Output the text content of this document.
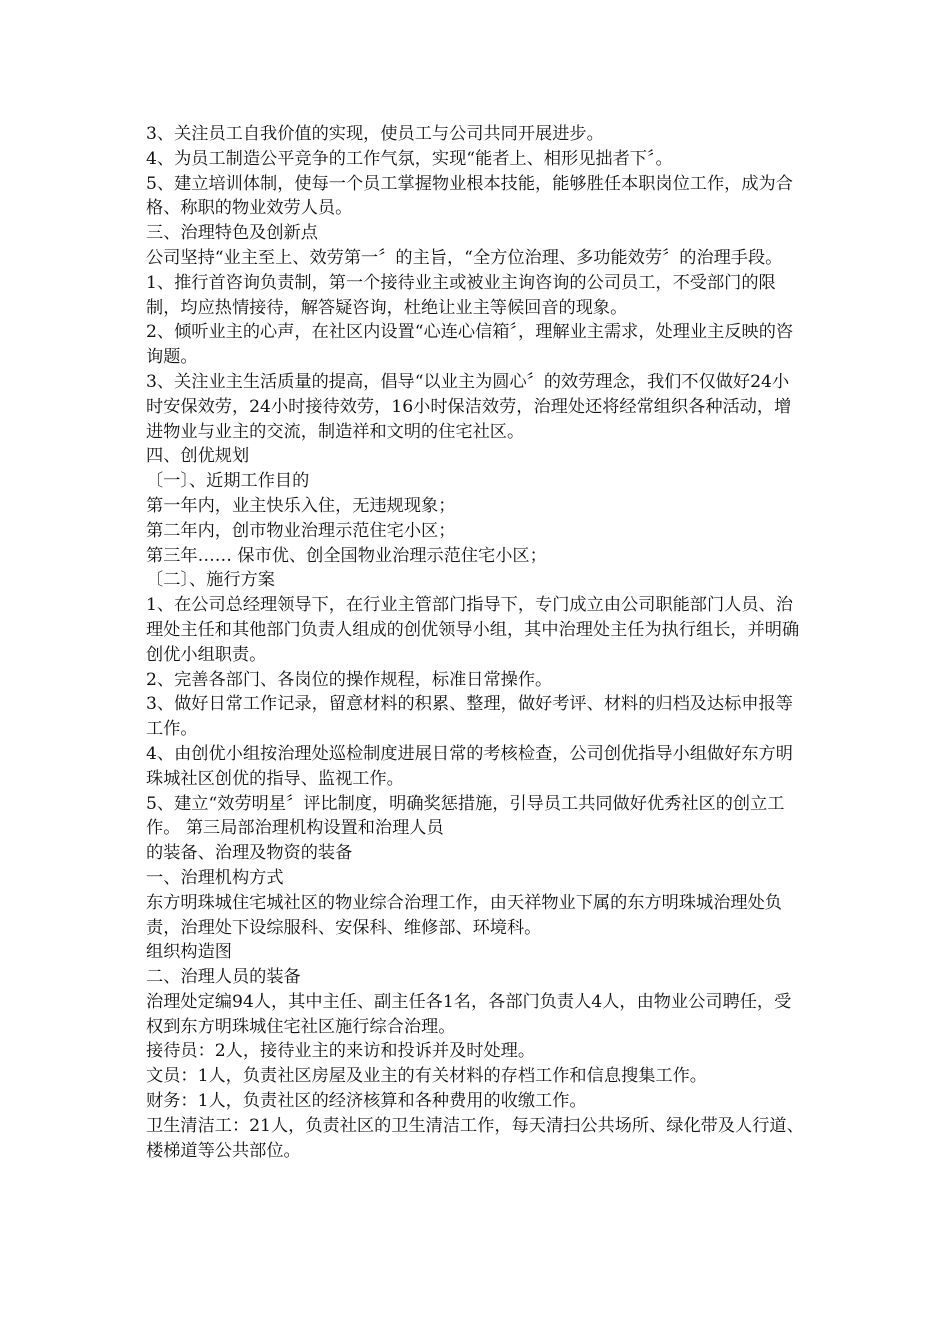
3、关注员工自我价值的实现，使员工与公司共同开展进步。

4、为员工制造公平竞争的工作气氛，实现“能者上、相形见拙者下〞。

5、建立培训体制，使每一个员工掌握物业根本技能，能够胜任本职岗位工作，成为合格、称职的物业效劳人员。

三、治理特色及创新点

公司坚持“业主至上、效劳第一〞的主旨，“全方位治理、多功能效劳〞的治理手段。

1、推行首咨询负责制，第一个接待业主或被业主询咨询的公司员工，不受部门的限制，均应热情接待，解答疑咨询，杜绝让业主等候回音的现象。

2、倾听业主的心声，在社区内设置“心连心信箱〞，理解业主需求，处理业主反映的咨询题。

3、关注业主生活质量的提高，倡导“以业主为圆心〞的效劳理念，我们不仅做好24小时安保效劳，24小时接待效劳，16小时保洁效劳，治理处还将经常组织各种活动，增进物业与业主的交流，制造祥和文明的住宅社区。

四、创优规划

〔一〕、近期工作目的

第一年内，业主快乐入住，无违规现象；

第二年内，创市物业治理示范住宅小区；

第三年…… 保市优、创全国物业治理示范住宅小区；

〔二〕、施行方案

1、在公司总经理领导下，在行业主管部门指导下，专门成立由公司职能部门人员、治理处主任和其他部门负责人组成的创优领导小组，其中治理处主任为执行组长，并明确创优小组职责。

2、完善各部门、各岗位的操作规程，标准日常操作。

3、做好日常工作记录，留意材料的积累、整理，做好考评、材料的归档及达标申报等工作。

4、由创优小组按治理处巡检制度进展日常的考核检查，公司创优指导小组做好东方明珠城社区创优的指导、监视工作。

5、建立“效劳明星〞评比制度，明确奖惩措施，引导员工共同做好优秀社区的创立工作。 第三局部治理机构设置和治理人员

的装备、治理及物资的装备

一、治理机构方式

东方明珠城住宅城社区的物业综合治理工作，由天祥物业下属的东方明珠城治理处负责，治理处下设综服科、安保科、维修部、环境科。

组织构造图

二、治理人员的装备

治理处定编94人，其中主任、副主任各1名，各部门负责人4人，由物业公司聘任，受权到东方明珠城住宅社区施行综合治理。

接待员：2人，接待业主的来访和投诉并及时处理。

文员：1人，负责社区房屋及业主的有关材料的存档工作和信息搜集工作。

财务：1人，负责社区的经济核算和各种费用的收缴工作。

卫生清洁工：21人，负责社区的卫生清洁工作，每天清扫公共场所、绿化带及人行道、楼梯道等公共部位。
